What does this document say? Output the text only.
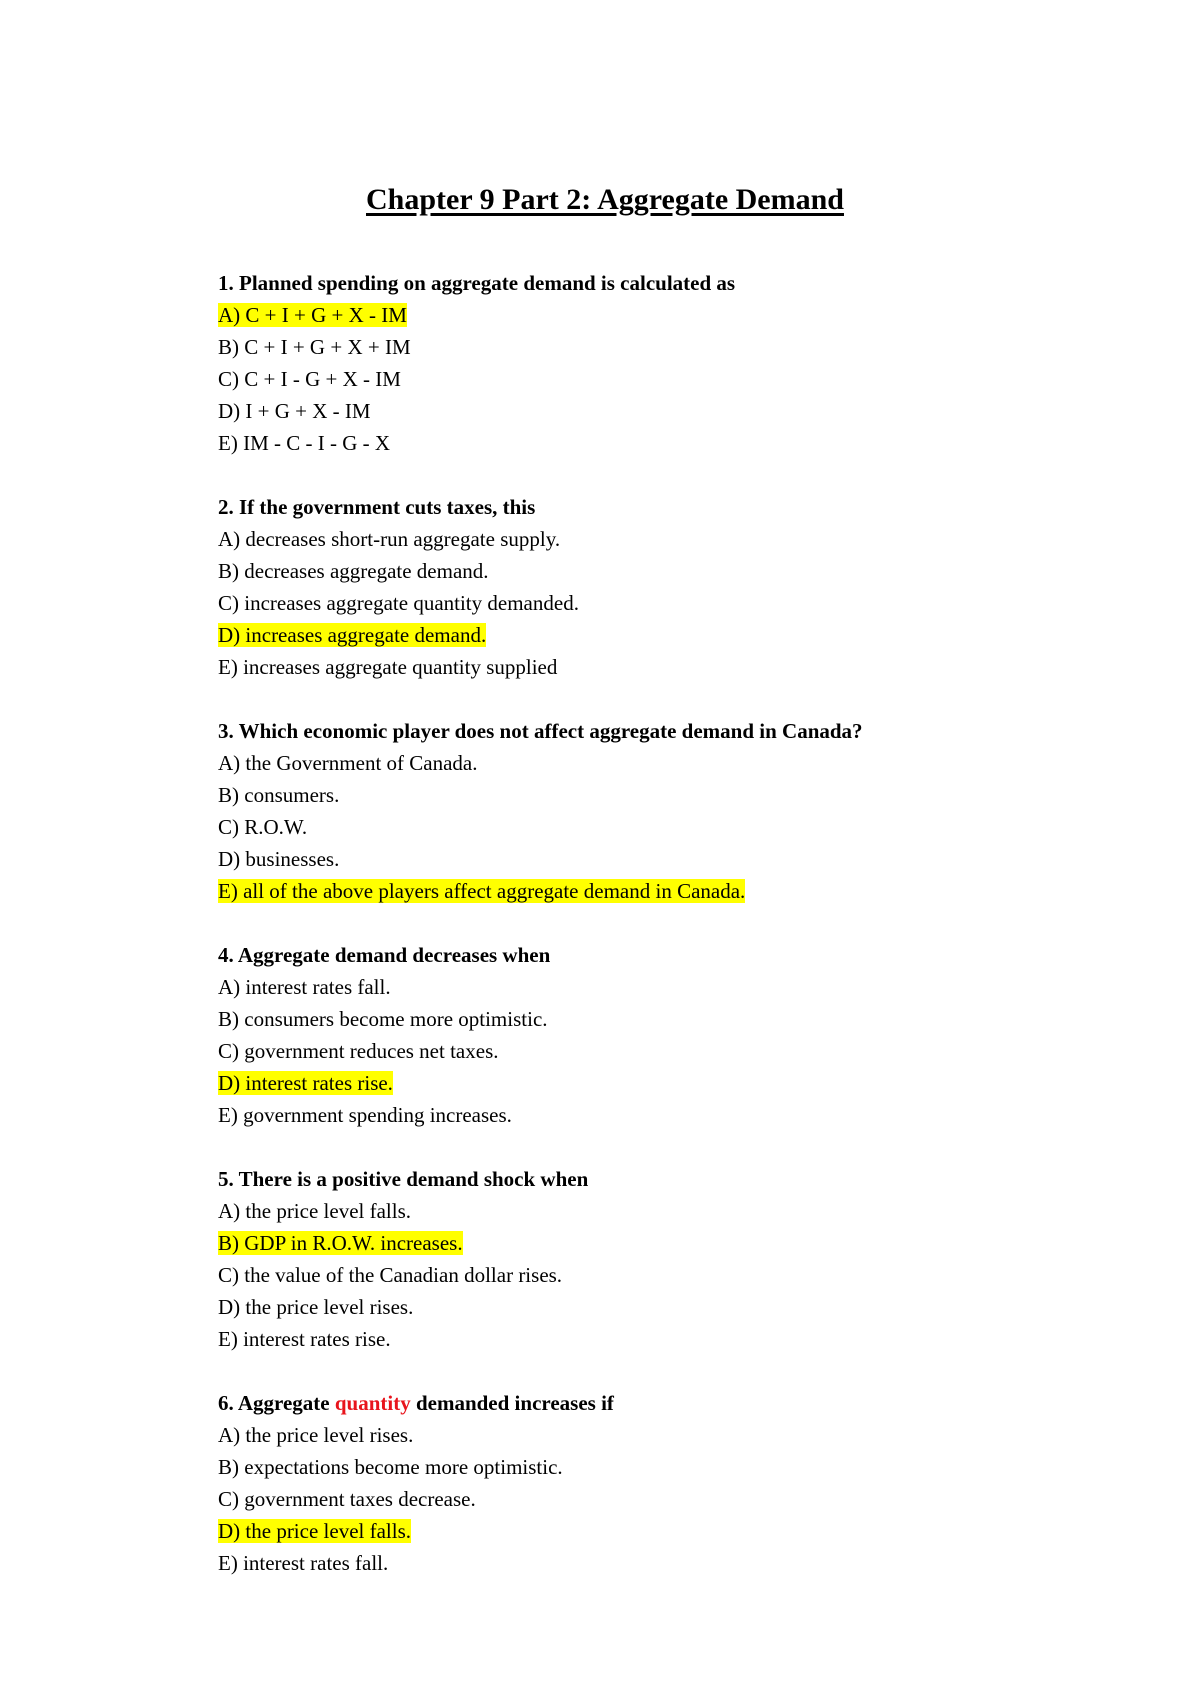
Chapter 9 Part 2: Aggregate Demand
1. Planned spending on aggregate demand is calculated as
A) C + I + G + X - IM
B) C + I + G + X + IM
C) C + I - G + X - IM
D) I + G + X - IM
E) IM - C - I - G - X
2. If the government cuts taxes, this
A) decreases short-run aggregate supply.
B) decreases aggregate demand.
C) increases aggregate quantity demanded.
D) increases aggregate demand.
E) increases aggregate quantity supplied
3. Which economic player does not affect aggregate demand in Canada?
A) the Government of Canada.
B) consumers.
C) R.O.W.
D) businesses.
E) all of the above players affect aggregate demand in Canada.
4. Aggregate demand decreases when
A) interest rates fall.
B) consumers become more optimistic.
C) government reduces net taxes.
D) interest rates rise.
E) government spending increases.
5. There is a positive demand shock when
A) the price level falls.
B) GDP in R.O.W. increases.
C) the value of the Canadian dollar rises.
D) the price level rises.
E) interest rates rise.
6. Aggregate quantity demanded increases if
A) the price level rises.
B) expectations become more optimistic.
C) government taxes decrease.
D) the price level falls.
E) interest rates fall.
